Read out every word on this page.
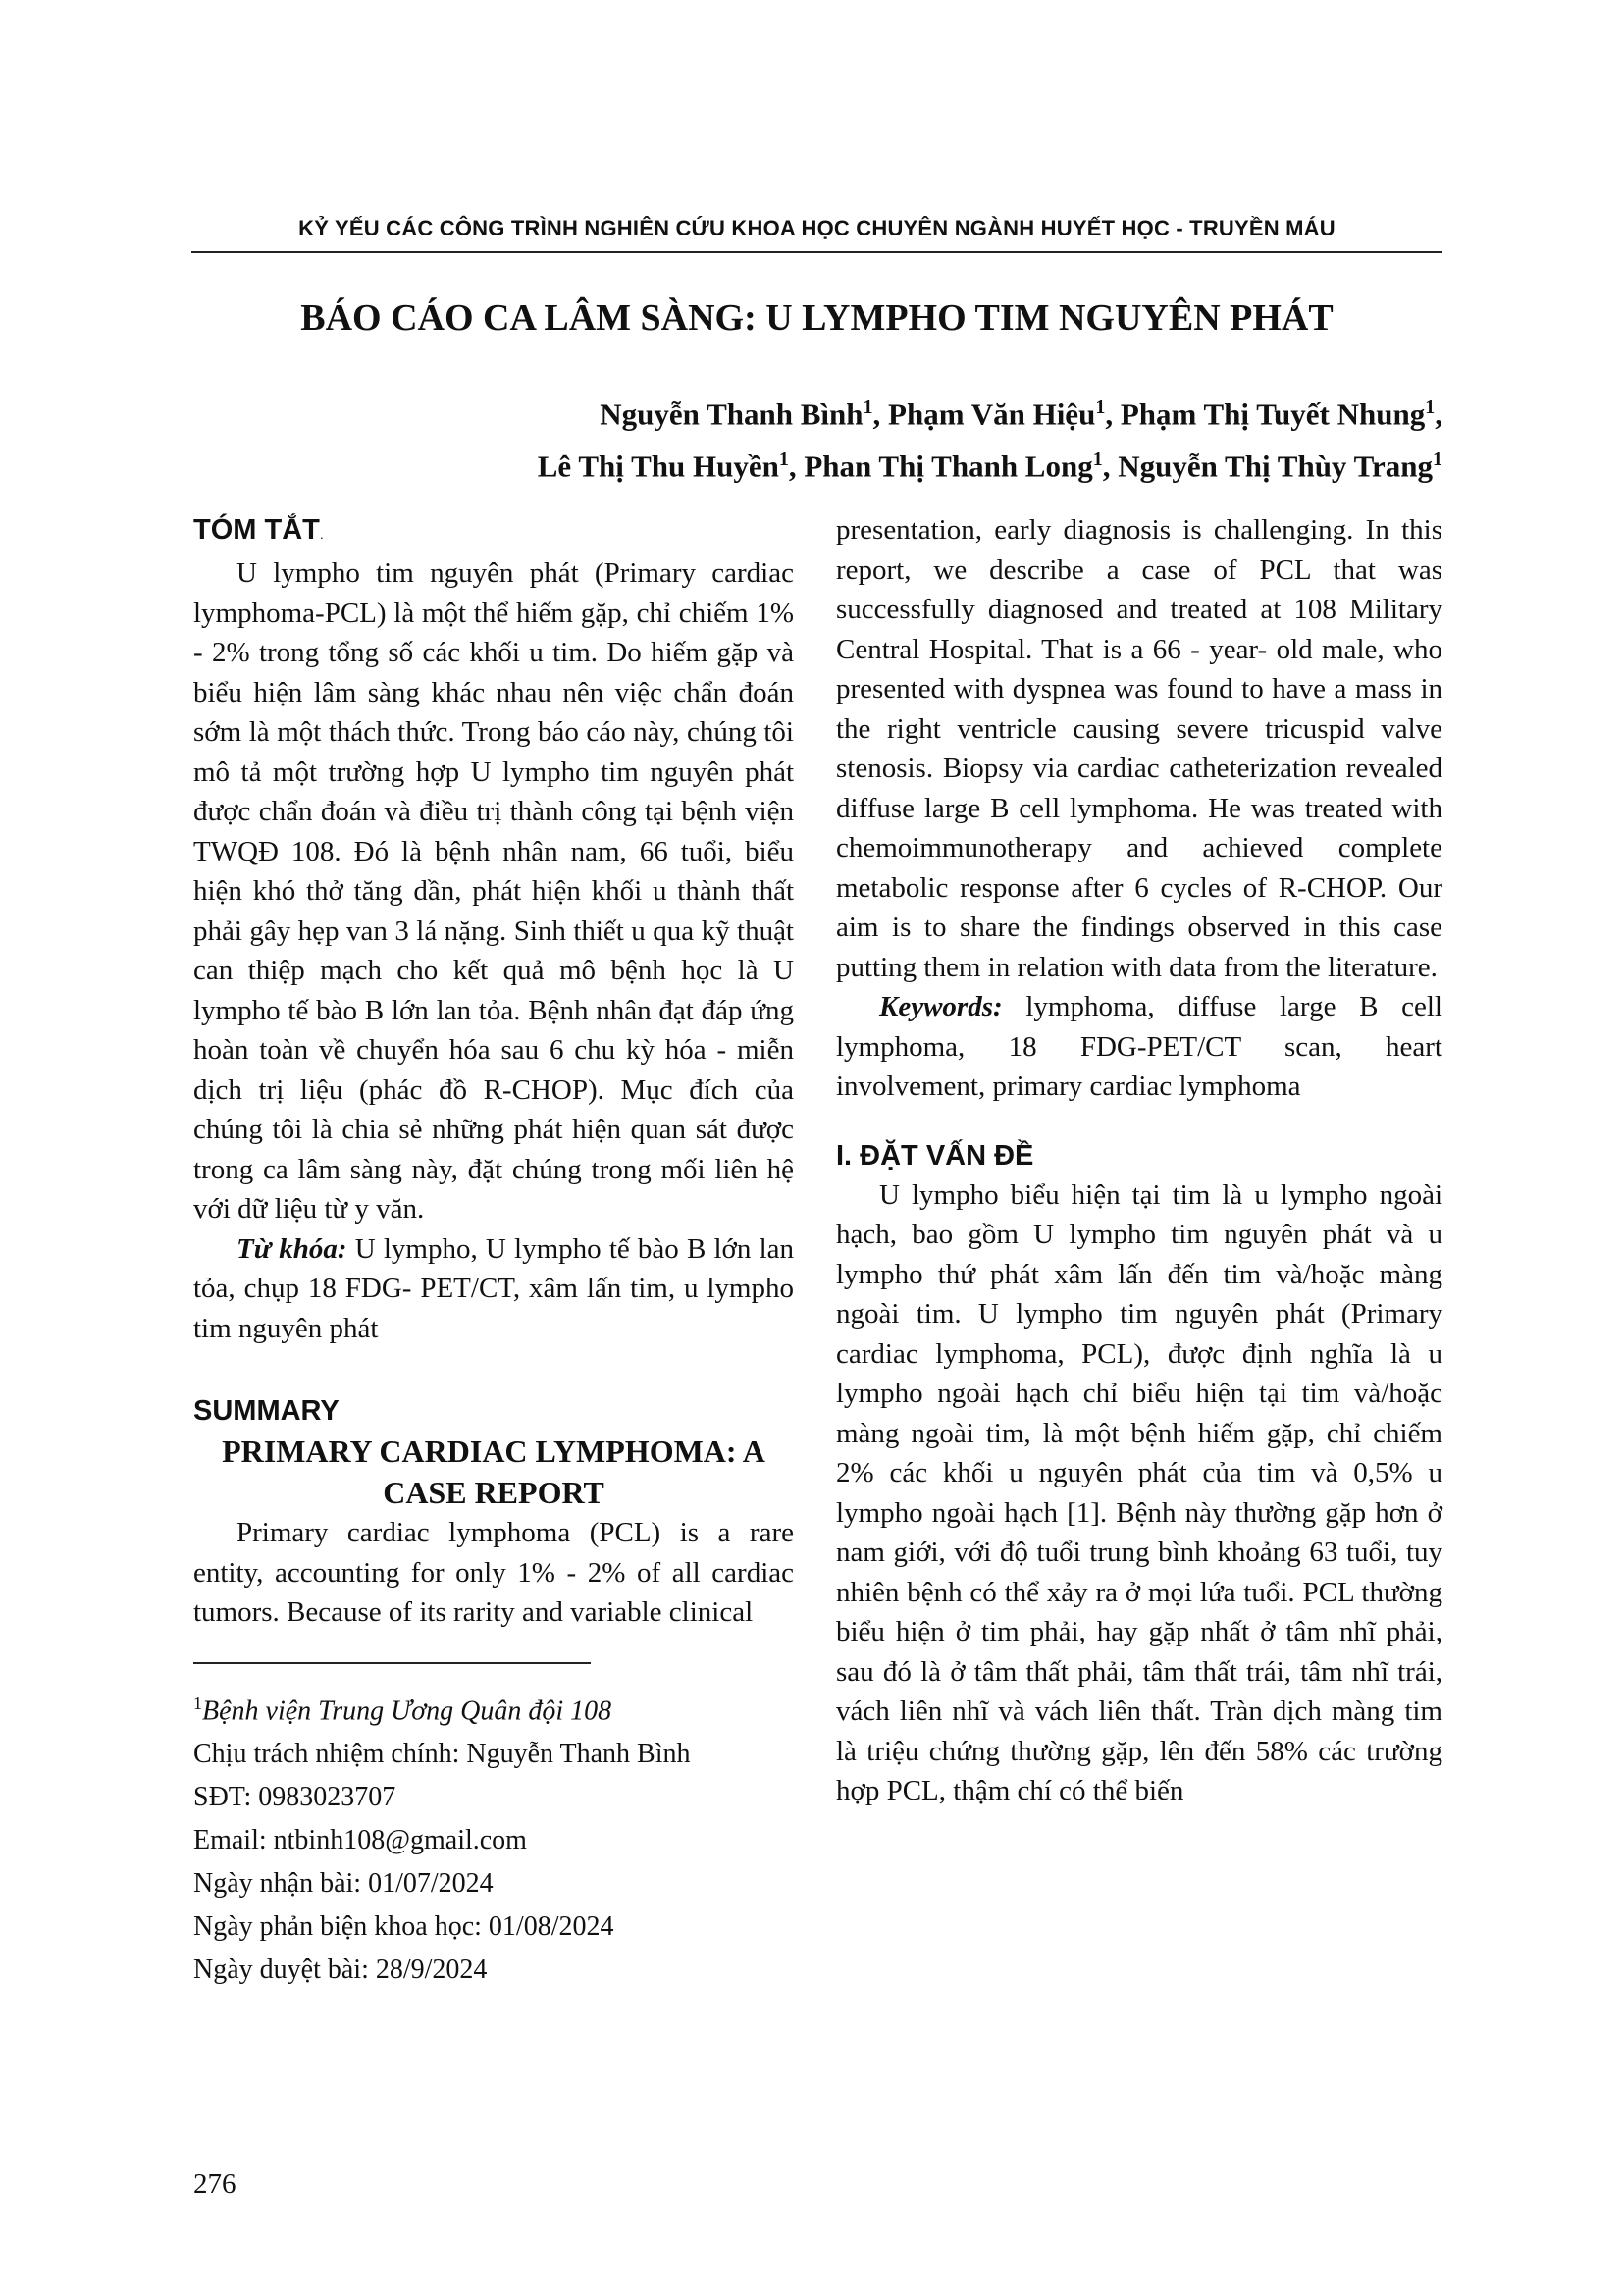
KỶ YẾU CÁC CÔNG TRÌNH NGHIÊN CỨU KHOA HỌC CHUYÊN NGÀNH HUYẾT HỌC - TRUYỀN MÁU
BÁO CÁO CA LÂM SÀNG: U LYMPHO TIM NGUYÊN PHÁT
Nguyễn Thanh Bình$^1$, Phạm Văn Hiệu$^1$, Phạm Thị Tuyết Nhung$^1$,
Lê Thị Thu Huyền$^1$, Phan Thị Thanh Long$^1$, Nguyễn Thị Thùy Trang$^1$
TÓM TẮT.

U lympho tim nguyên phát (Primary cardiac lymphoma-PCL) là một thể hiếm gặp, chỉ chiếm 1% - 2% trong tổng số các khối u tim. Do hiếm gặp và biểu hiện lâm sàng khác nhau nên việc chẩn đoán sớm là một thách thức. Trong báo cáo này, chúng tôi mô tả một trường hợp U lympho tim nguyên phát được chẩn đoán và điều trị thành công tại bệnh viện TWQĐ 108. Đó là bệnh nhân nam, 66 tuổi, biểu hiện khó thở tăng dần, phát hiện khối u thành thất phải gây hẹp van 3 lá nặng. Sinh thiết u qua kỹ thuật can thiệp mạch cho kết quả mô bệnh học là U lympho tế bào B lớn lan tỏa. Bệnh nhân đạt đáp ứng hoàn toàn về chuyển hóa sau 6 chu kỳ hóa - miễn dịch trị liệu (phác đồ R-CHOP). Mục đích của chúng tôi là chia sẻ những phát hiện quan sát được trong ca lâm sàng này, đặt chúng trong mối liên hệ với dữ liệu từ y văn.

Từ khóa: U lympho, U lympho tế bào B lớn lan tỏa, chụp 18 FDG- PET/CT, xâm lấn tim, u lympho tim nguyên phát

SUMMARY
PRIMARY CARDIAC LYMPHOMA: A CASE REPORT

Primary cardiac lymphoma (PCL) is a rare entity, accounting for only 1% - 2% of all cardiac tumors. Because of its rarity and variable clinical

$^1$Bệnh viện Trung Ương Quân đội 108
Chịu trách nhiệm chính: Nguyễn Thanh Bình
SĐT: 0983023707
Email: ntbinh108@gmail.com
Ngày nhận bài: 01/07/2024
Ngày phản biện khoa học: 01/08/2024
Ngày duyệt bài: 28/9/2024

presentation, early diagnosis is challenging. In this report, we describe a case of PCL that was successfully diagnosed and treated at 108 Military Central Hospital. That is a 66 - year- old male, who presented with dyspnea was found to have a mass in the right ventricle causing severe tricuspid valve stenosis. Biopsy via cardiac catheterization revealed diffuse large B cell lymphoma. He was treated with chemoimmunotherapy and achieved complete metabolic response after 6 cycles of R-CHOP. Our aim is to share the findings observed in this case putting them in relation with data from the literature.

Keywords: lymphoma, diffuse large B cell lymphoma, 18 FDG-PET/CT scan, heart involvement, primary cardiac lymphoma

I. ĐẶT VẤN ĐỀ

U lympho biểu hiện tại tim là u lympho ngoài hạch, bao gồm U lympho tim nguyên phát và u lympho thứ phát xâm lấn đến tim và/hoặc màng ngoài tim. U lympho tim nguyên phát (Primary cardiac lymphoma, PCL), được định nghĩa là u lympho ngoài hạch chỉ biểu hiện tại tim và/hoặc màng ngoài tim, là một bệnh hiếm gặp, chỉ chiếm 2% các khối u nguyên phát của tim và 0,5% u lympho ngoài hạch [1]. Bệnh này thường gặp hơn ở nam giới, với độ tuổi trung bình khoảng 63 tuổi, tuy nhiên bệnh có thể xảy ra ở mọi lứa tuổi. PCL thường biểu hiện ở tim phải, hay gặp nhất ở tâm nhĩ phải, sau đó là ở tâm thất phải, tâm thất trái, tâm nhĩ trái, vách liên nhĩ và vách liên thất. Tràn dịch màng tim là triệu chứng thường gặp, lên đến 58% các trường hợp PCL, thậm chí có thể biến

276
